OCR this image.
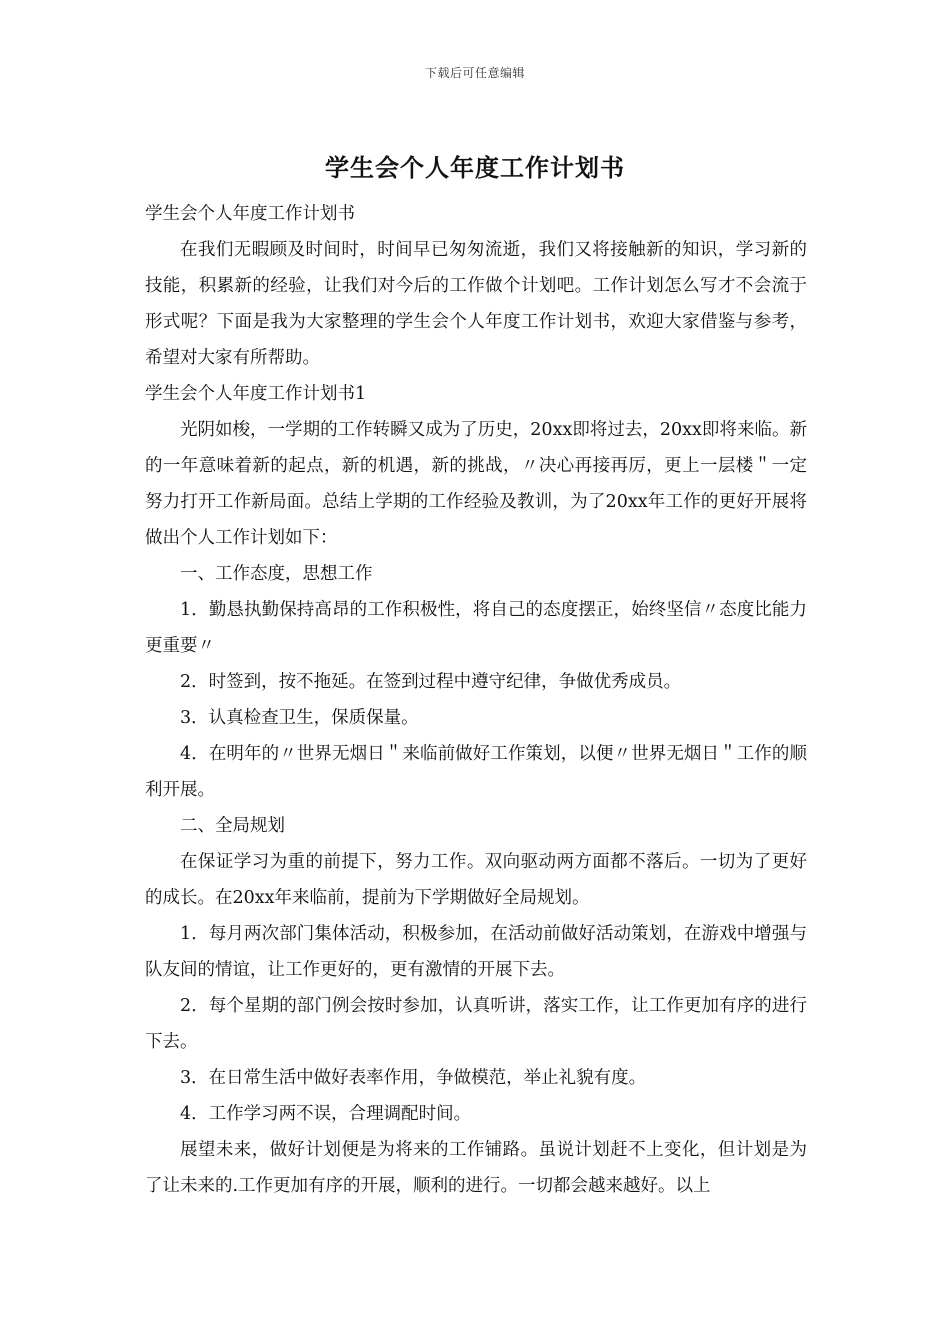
下载后可任意编辑
学生会个人年度工作计划书

学生会个人年度工作计划书

在我们无暇顾及时间时，时间早已匆匆流逝，我们又将接触新的知识，学习新的技能，积累新的经验，让我们对今后的工作做个计划吧。工作计划怎么写才不会流于形式呢？下面是我为大家整理的学生会个人年度工作计划书，欢迎大家借鉴与参考，希望对大家有所帮助。

学生会个人年度工作计划书1

光阴如梭，一学期的工作转瞬又成为了历史，20xx即将过去，20xx即将来临。新的一年意味着新的起点，新的机遇，新的挑战，〃决心再接再厉，更上一层楼＂一定努力打开工作新局面。总结上学期的工作经验及教训，为了20xx年工作的更好开展将做出个人工作计划如下：

一、工作态度，思想工作

1．勤恳执勤保持高昂的工作积极性，将自己的态度摆正，始终坚信〃态度比能力更重要〃

2．时签到，按不拖延。在签到过程中遵守纪律，争做优秀成员。

3．认真检查卫生，保质保量。

4．在明年的〃世界无烟日＂来临前做好工作策划，以便〃世界无烟日＂工作的顺利开展。

二、全局规划

在保证学习为重的前提下，努力工作。双向驱动两方面都不落后。一切为了更好的成长。在20xx年来临前，提前为下学期做好全局规划。

1．每月两次部门集体活动，积极参加，在活动前做好活动策划，在游戏中增强与队友间的情谊，让工作更好的，更有激情的开展下去。

2．每个星期的部门例会按时参加，认真听讲，落实工作，让工作更加有序的进行下去。

3．在日常生活中做好表率作用，争做模范，举止礼貌有度。

4．工作学习两不误，合理调配时间。

展望未来，做好计划便是为将来的工作铺路。虽说计划赶不上变化，但计划是为了让未来的.工作更加有序的开展，顺利的进行。一切都会越来越好。以上
